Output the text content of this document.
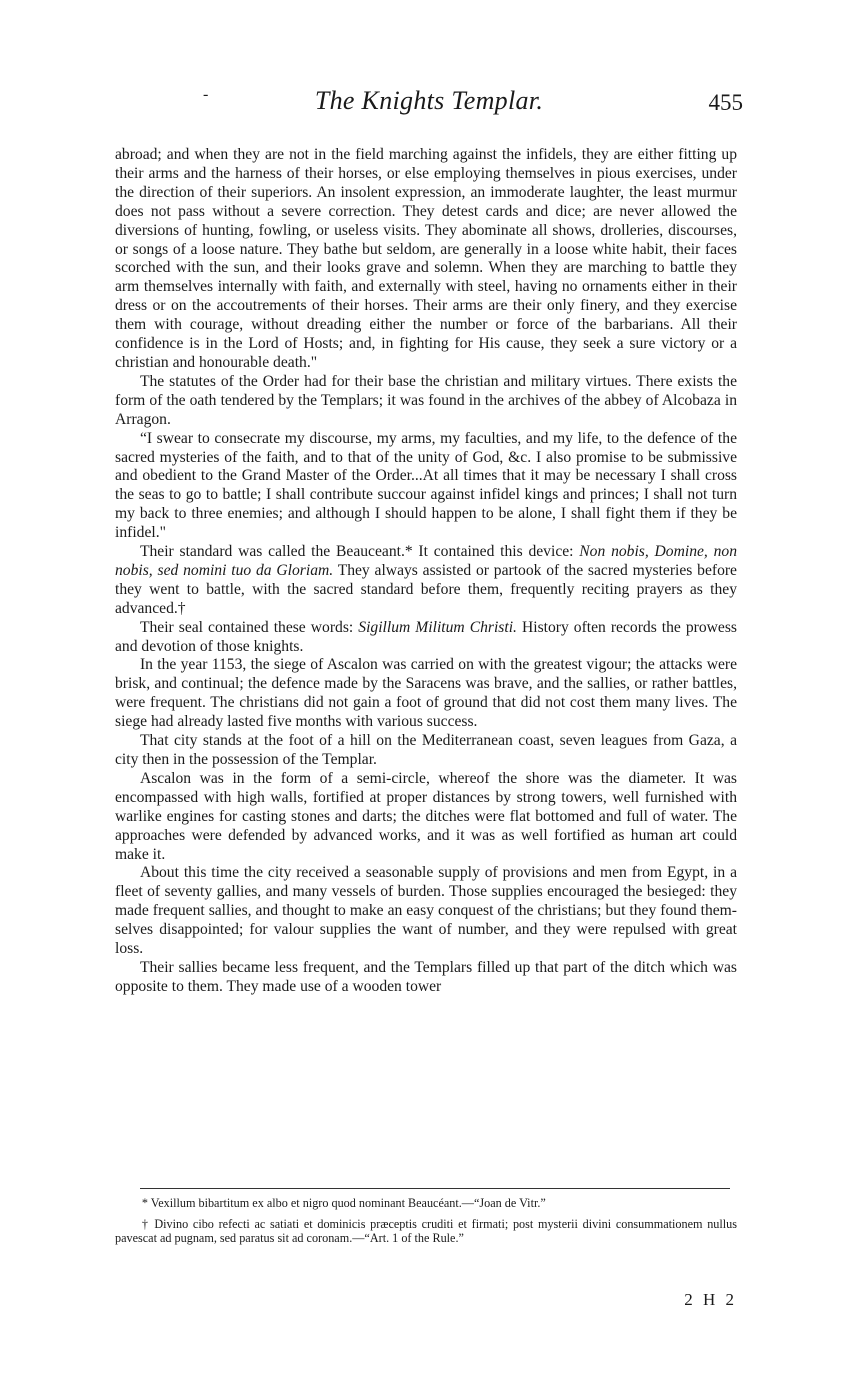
-	The Knights Templar.	455

abroad; and when they are not in the field marching against the infidels, they are either fitting up their arms and the harness of their horses, or else employing themselves in pious exercises, under the direction of their superiors. An insolent expression, an immoderate laughter, the least murmur does not pass without a severe correction. They detest cards and dice; are never allowed the diversions of hunting, fowling, or useless visits. They abominate all shows, drolleries, discourses, or songs of a loose nature. They bathe but seldom, are generally in a loose white habit, their faces scorched with the sun, and their looks grave and solemn. When they are marching to battle they arm themselves internally with faith, and externally with steel, having no ornaments either in their dress or on the accoutrements of their horses. Their arms are their only finery, and they exercise them with courage, without dreading either the number or force of the barbarians. All their confidence is in the Lord of Hosts; and, in fighting for His cause, they seek a sure victory or a christian and honourable death."

The statutes of the Order had for their base the christian and military virtues. There exists the form of the oath tendered by the Templars; it was found in the archives of the abbey of Alcobaza in Arragon.

“I swear to consecrate my discourse, my arms, my faculties, and my life, to the defence of the sacred mysteries of the faith, and to that of the unity of God, &c. I also promise to be submissive and obedient to the Grand Master of the Order...At all times that it may be necessary I shall cross the seas to go to battle; I shall contribute succour against infidel kings and princes; I shall not turn my back to three enemies; and although I should happen to be alone, I shall fight them if they be infidel."

Their standard was called the Beauceant.* It contained this device: Non nobis, Domine, non nobis, sed nomini tuo da Gloriam. They always assisted or partook of the sacred mysteries before they went to battle, with the sacred standard before them, frequently reciting prayers as they advanced.†

Their seal contained these words: Sigillum Militum Christi. History often records the prowess and devotion of those knights.

In the year 1153, the siege of Ascalon was carried on with the greatest vigour; the attacks were brisk, and continual; the defence made by the Saracens was brave, and the sallies, or rather battles, were frequent. The christians did not gain a foot of ground that did not cost them many lives. The siege had already lasted five months with various success.

That city stands at the foot of a hill on the Mediterranean coast, seven leagues from Gaza, a city then in the possession of the Templar.

Ascalon was in the form of a semi-circle, whereof the shore was the diameter. It was encompassed with high walls, fortified at proper distances by strong towers, well furnished with warlike engines for casting stones and darts; the ditches were flat bottomed and full of water. The approaches were defended by advanced works, and it was as well fortified as human art could make it.

About this time the city received a seasonable supply of provisions and men from Egypt, in a fleet of seventy gallies, and many vessels of burden. Those supplies encouraged the besieged: they made frequent sallies, and thought to make an easy conquest of the christians; but they found themselves disappointed; for valour supplies the want of number, and they were repulsed with great loss.

Their sallies became less frequent, and the Templars filled up that part of the ditch which was opposite to them. They made use of a wooden tower

* Vexillum bibartitum ex albo et nigro quod nominant Beaucéant.—“Joan de Vitr.”

† Divino cibo refecti ac satiati et dominicis præceptis cruditi et firmati; post mysterii divini consummationem nullus pavescat ad pugnam, sed paratus sit ad coronam.—“Art. 1 of the Rule.”

2 H 2
